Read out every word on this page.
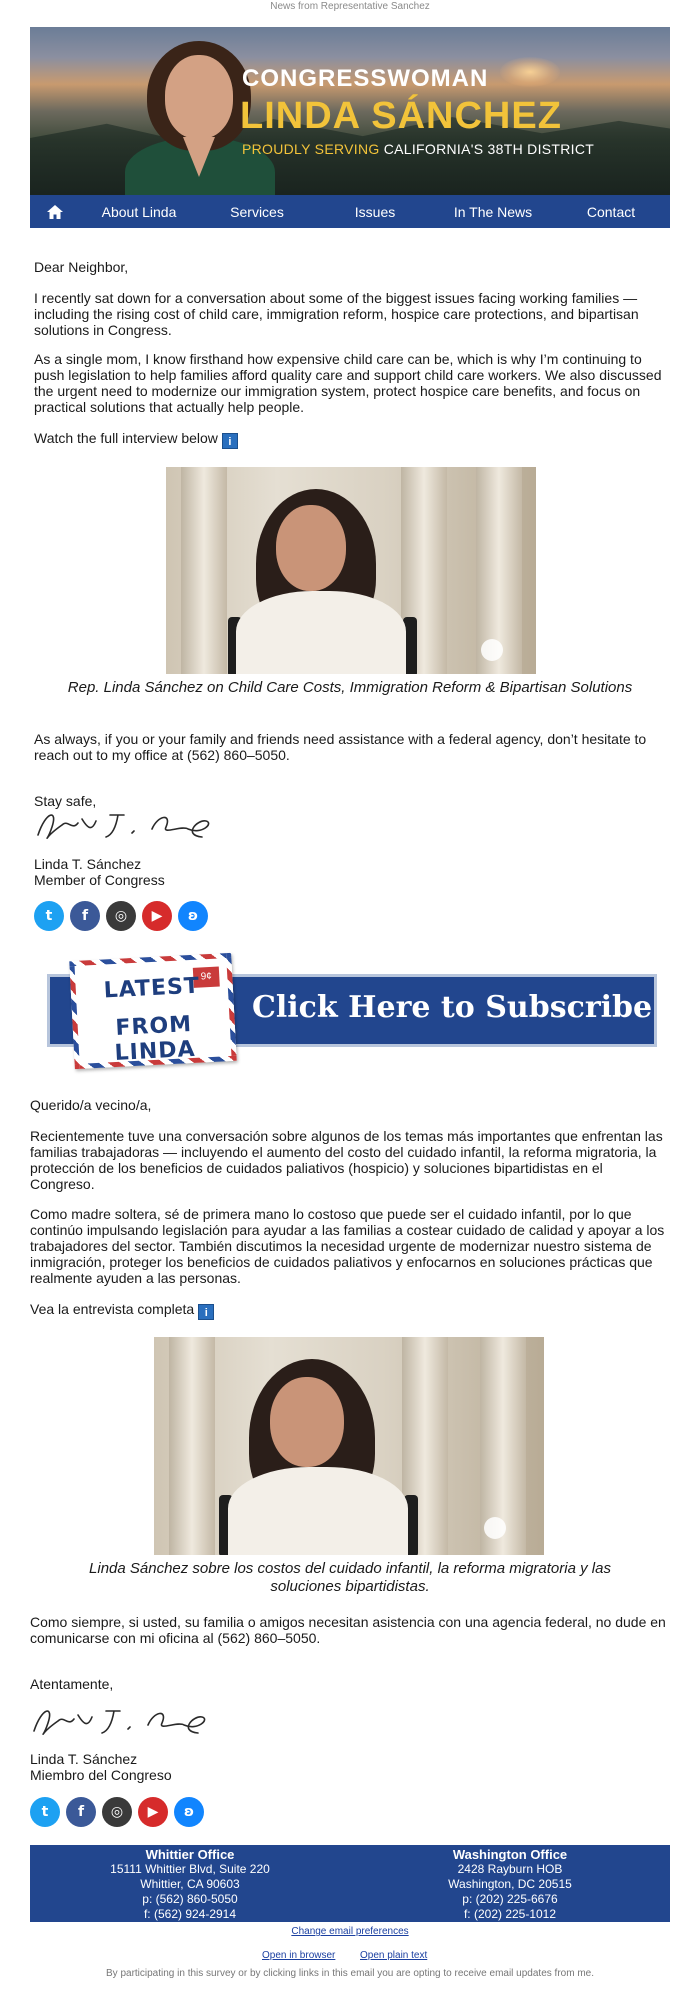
News from Representative Sanchez
CONGRESSWOMAN
LINDA SÁNCHEZ
PROUDLY SERVING CALIFORNIA'S 38TH DISTRICT
About Linda	Services	Issues	In The News	Contact
Dear Neighbor,
I recently sat down for a conversation about some of the biggest issues facing working families — including the rising cost of child care, immigration reform, hospice care protections, and bipartisan solutions in Congress.
As a single mom, I know firsthand how expensive child care can be, which is why I’m continuing to push legislation to help families afford quality care and support child care workers. We also discussed the urgent need to modernize our immigration system, protect hospice care benefits, and focus on practical solutions that actually help people.
Watch the full interview below i
Rep. Linda Sánchez on Child Care Costs, Immigration Reform & Bipartisan Solutions
As always, if you or your family and friends need assistance with a federal agency, don’t hesitate to reach out to my office at (562) 860–5050.
Stay safe,
Linda T. Sánchez
Member of Congress
t	f	◎	▶	ʚ
9¢
LATEST
FROM LINDA
Click Here to Subscribe
Querido/a vecino/a,
Recientemente tuve una conversación sobre algunos de los temas más importantes que enfrentan las familias trabajadoras — incluyendo el aumento del costo del cuidado infantil, la reforma migratoria, la protección de los beneficios de cuidados paliativos (hospicio) y soluciones bipartidistas en el Congreso.
Como madre soltera, sé de primera mano lo costoso que puede ser el cuidado infantil, por lo que continúo impulsando legislación para ayudar a las familias a costear cuidado de calidad y apoyar a los trabajadores del sector. También discutimos la necesidad urgente de modernizar nuestro sistema de inmigración, proteger los beneficios de cuidados paliativos y enfocarnos en soluciones prácticas que realmente ayuden a las personas.
Vea la entrevista completa i
Linda Sánchez sobre los costos del cuidado infantil, la reforma migratoria y las soluciones bipartidistas.
Como siempre, si usted, su familia o amigos necesitan asistencia con una agencia federal, no dude en comunicarse con mi oficina al (562) 860–5050.
Atentamente,
Linda T. Sánchez
Miembro del Congreso
t	f	◎	▶	ʚ
Whittier Office
15111 Whittier Blvd, Suite 220
Whittier, CA 90603
p: (562) 860-5050
f: (562) 924-2914
Washington Office
2428 Rayburn HOB
Washington, DC 20515
p: (202) 225-6676
f: (202) 225-1012
Change email preferences
Open in browser Open plain text
By participating in this survey or by clicking links in this email you are opting to receive email updates from me.
